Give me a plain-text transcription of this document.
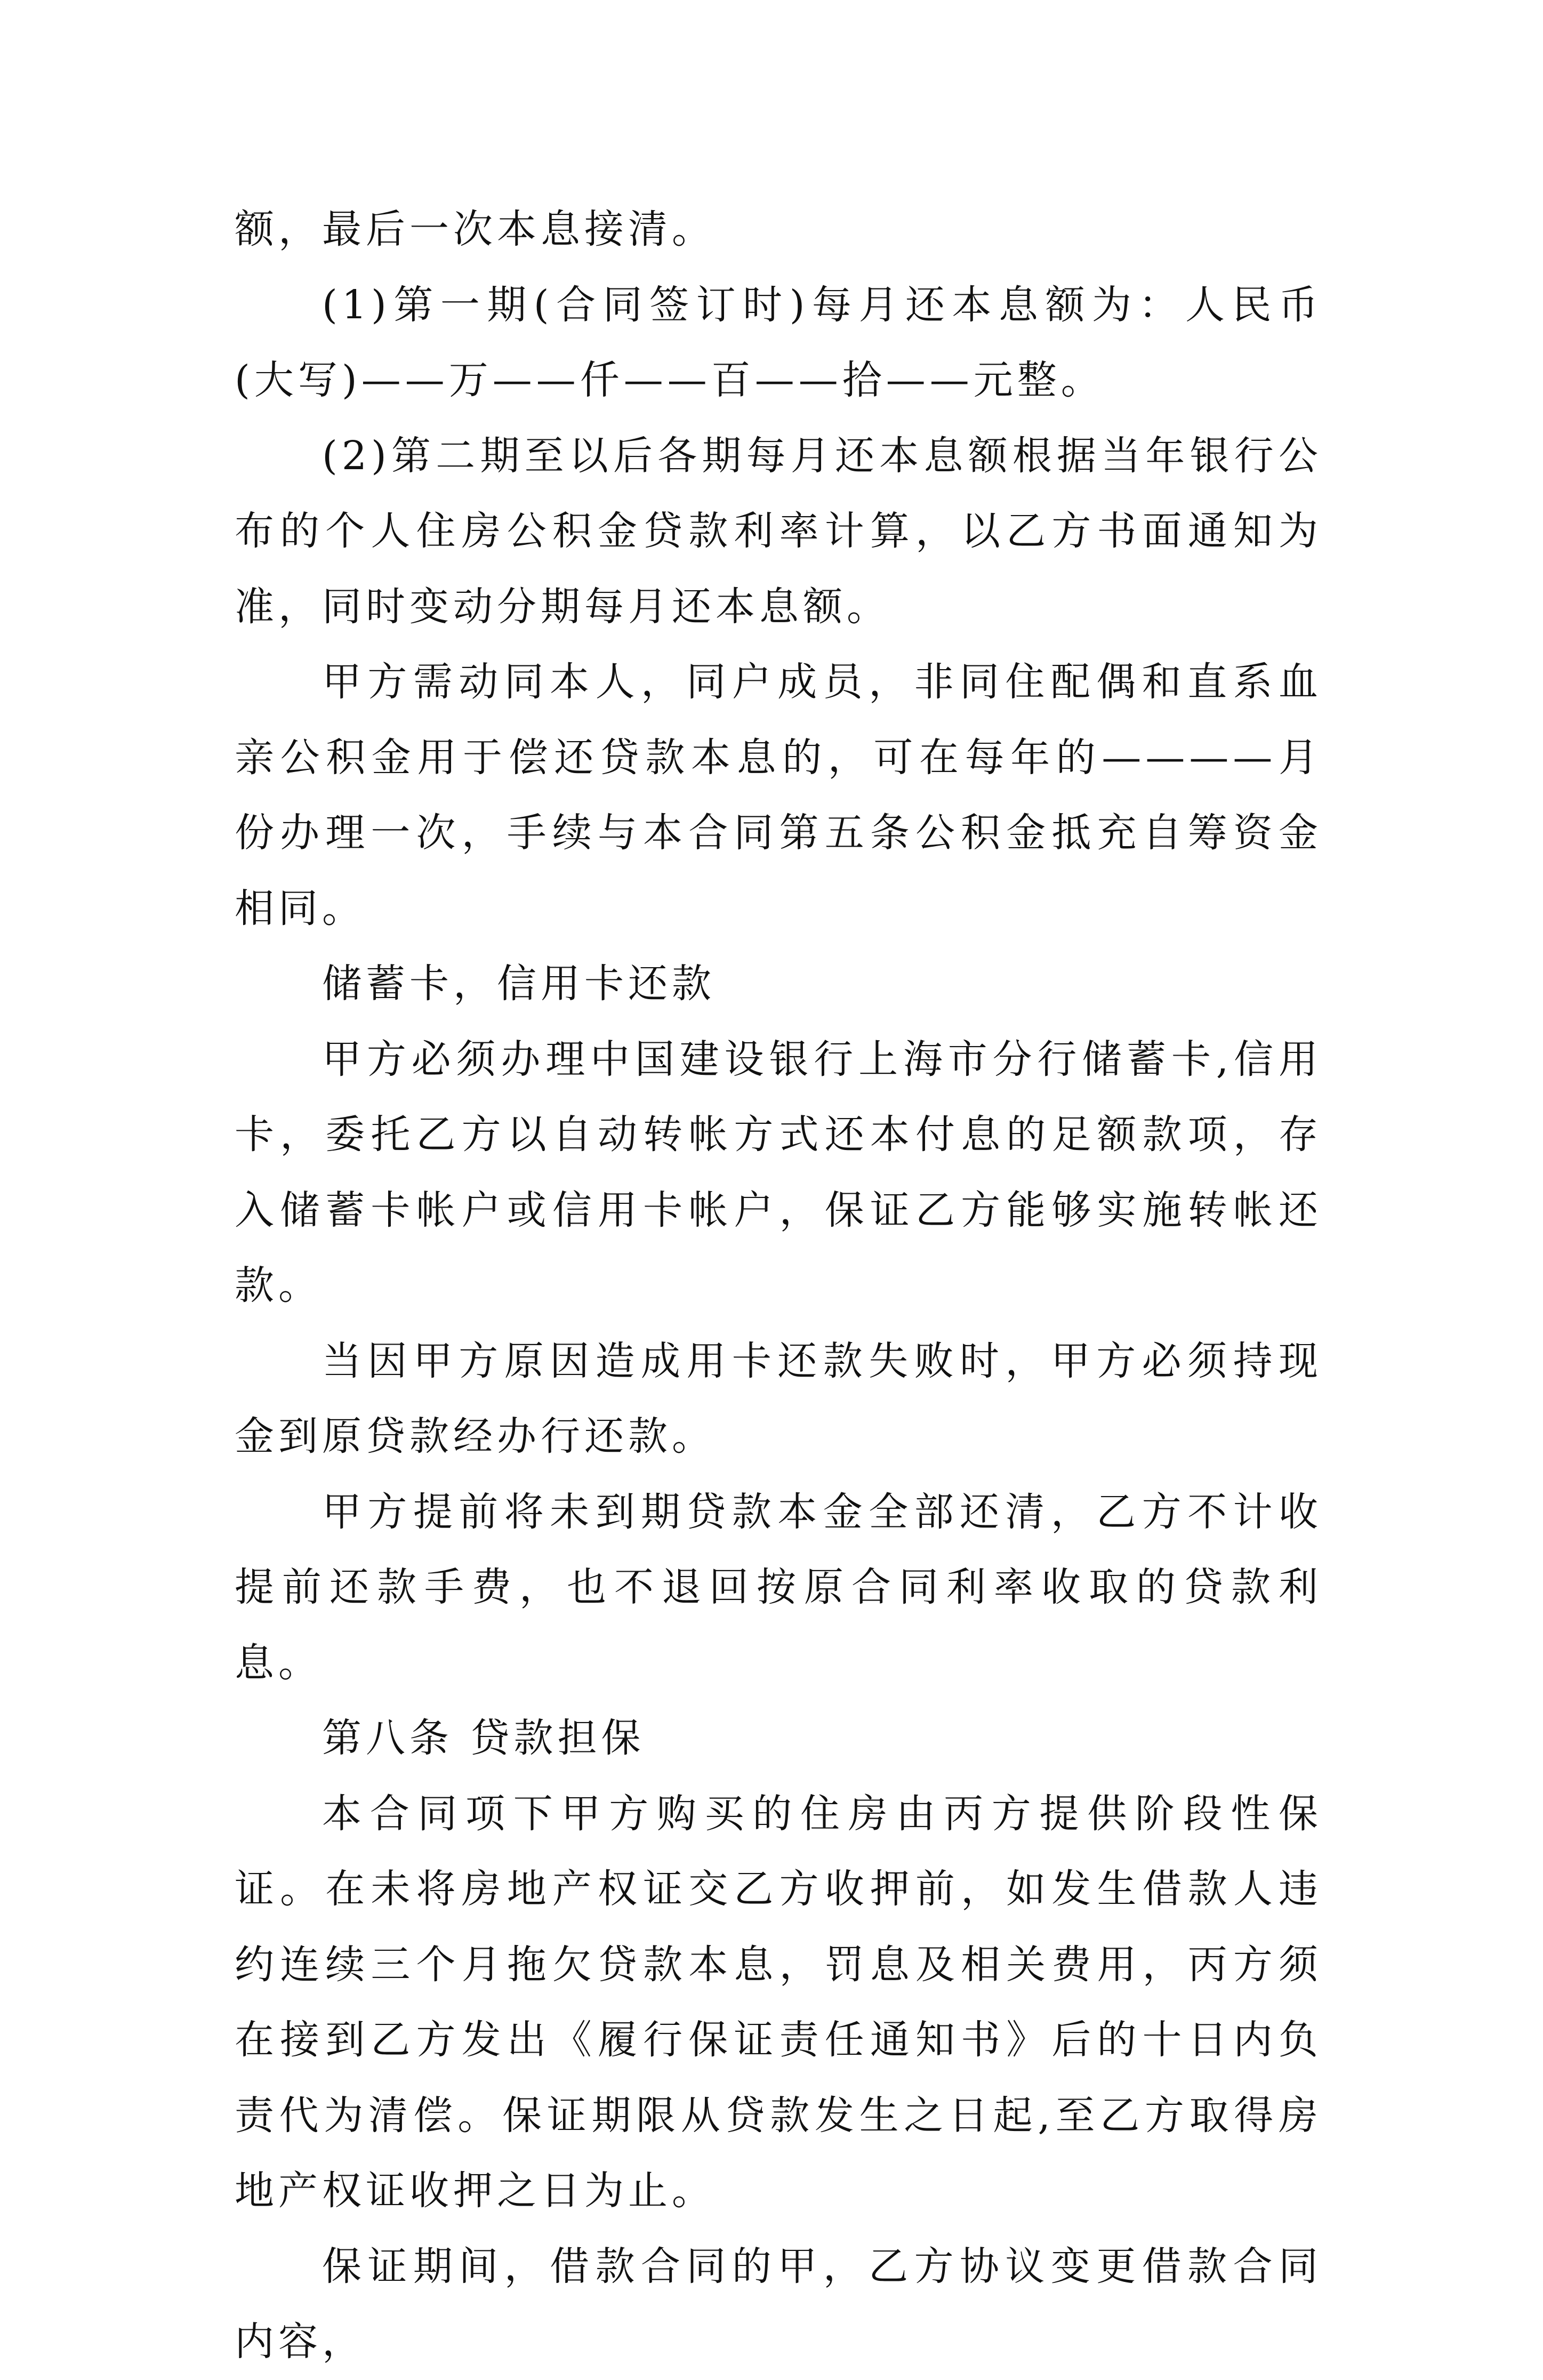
额，最后一次本息接清。

(1)第一期(合同签订时)每月还本息额为：人民币(大写)——万——仟——百——拾——元整。

(2)第二期至以后各期每月还本息额根据当年银行公布的个人住房公积金贷款利率计算，以乙方书面通知为准，同时变动分期每月还本息额。

甲方需动同本人，同户成员，非同住配偶和直系血亲公积金用于偿还贷款本息的，可在每年的————月份办理一次，手续与本合同第五条公积金抵充自筹资金相同。

储蓄卡，信用卡还款

甲方必须办理中国建设银行上海市分行储蓄卡,信用卡，委托乙方以自动转帐方式还本付息的足额款项，存入储蓄卡帐户或信用卡帐户，保证乙方能够实施转帐还款。

当因甲方原因造成用卡还款失败时，甲方必须持现金到原贷款经办行还款。

甲方提前将未到期贷款本金全部还清，乙方不计收提前还款手费，也不退回按原合同利率收取的贷款利息。

第八条 贷款担保

本合同项下甲方购买的住房由丙方提供阶段性保证。在未将房地产权证交乙方收押前，如发生借款人违约连续三个月拖欠贷款本息，罚息及相关费用，丙方须在接到乙方发出《履行保证责任通知书》后的十日内负责代为清偿。保证期限从贷款发生之日起,至乙方取得房地产权证收押之日为止。

保证期间，借款合同的甲，乙方协议变更借款合同内容，
